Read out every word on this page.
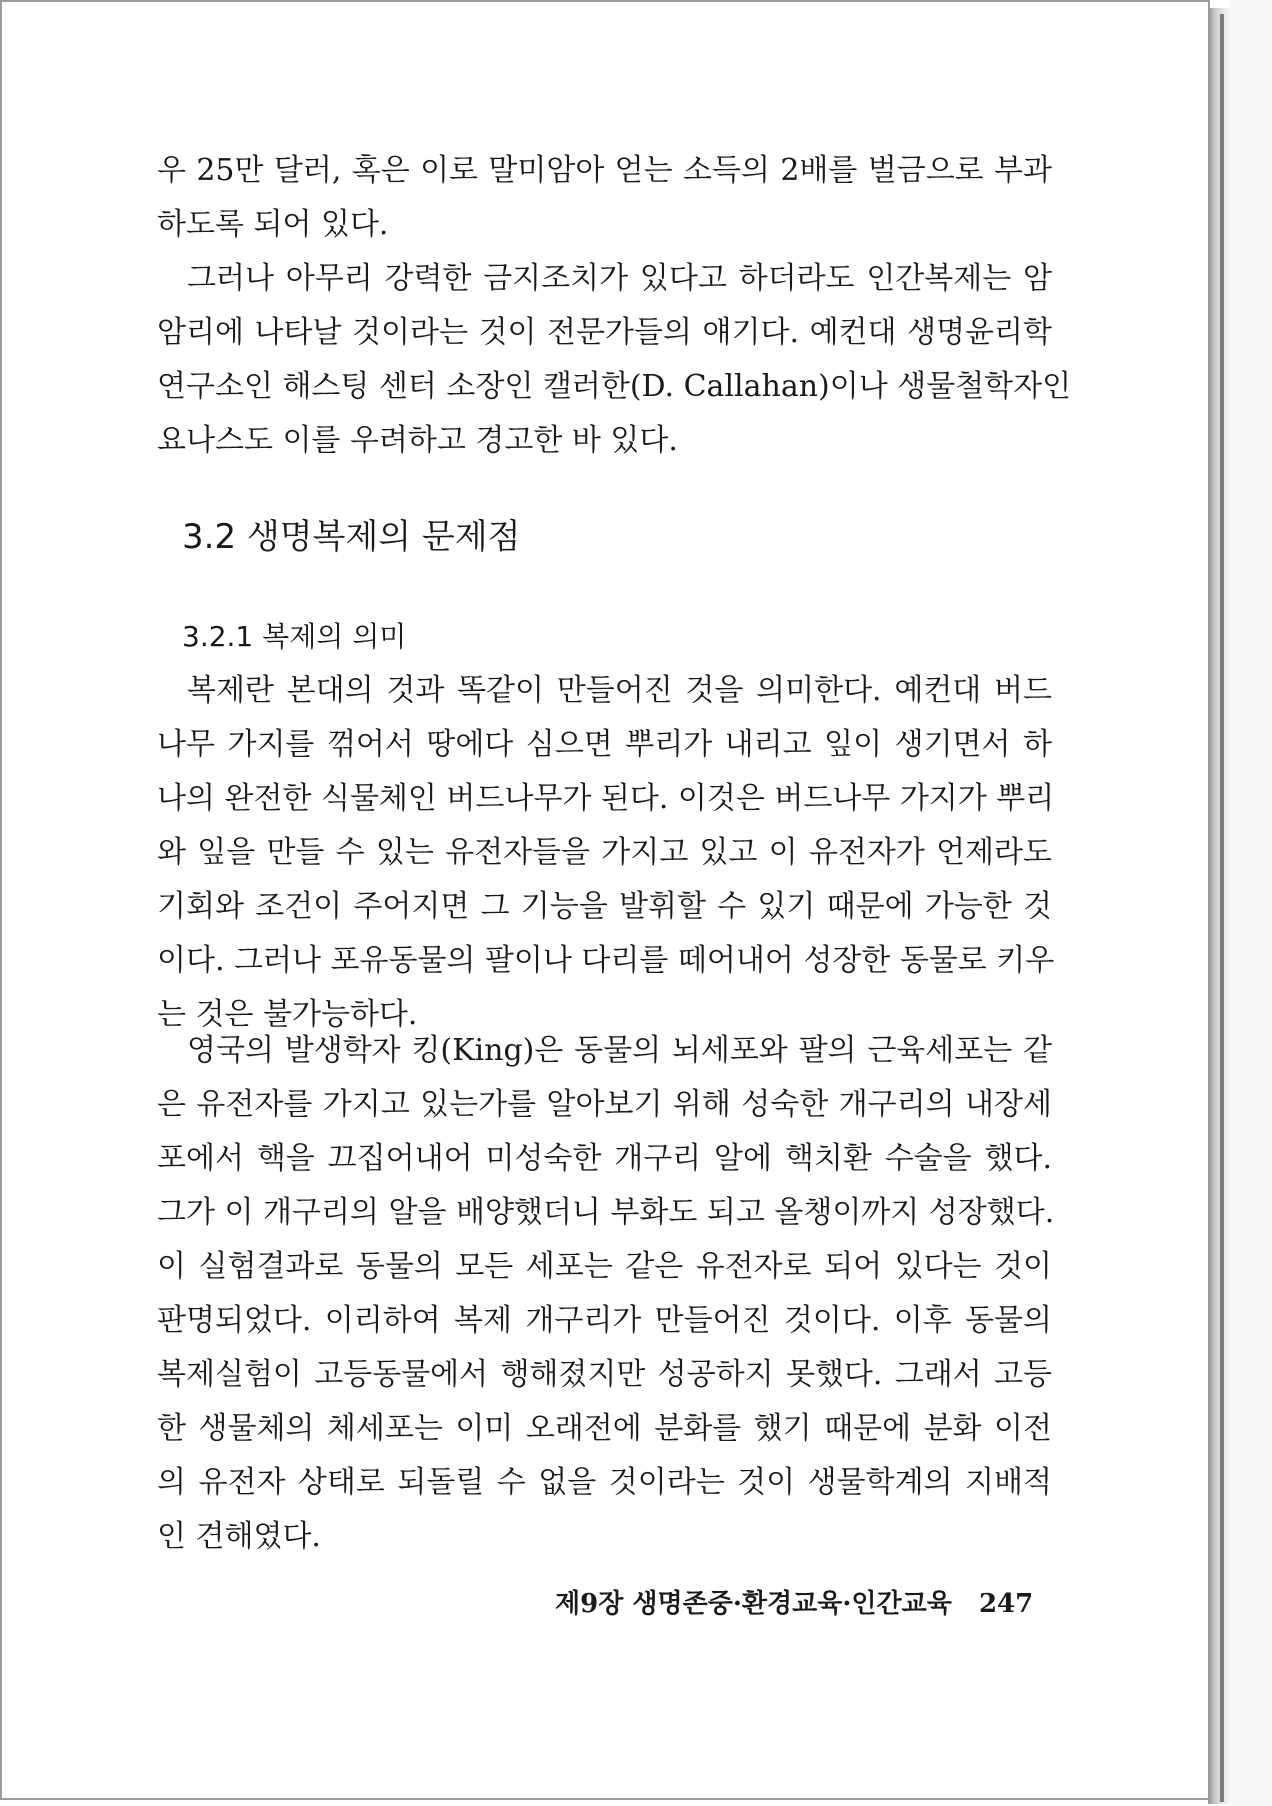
우 25만 달러, 혹은 이로 말미암아 얻는 소득의 2배를 벌금으로 부과
하도록 되어 있다.
그러나 아무리 강력한 금지조치가 있다고 하더라도 인간복제는 암
암리에 나타날 것이라는 것이 전문가들의 얘기다. 예컨대 생명윤리학
연구소인 해스팅 센터 소장인 캘러한(D. Callahan)이나 생물철학자인
요나스도 이를 우려하고 경고한 바 있다.
3.2 생명복제의 문제점
3.2.1 복제의 의미
복제란 본대의 것과 똑같이 만들어진 것을 의미한다. 예컨대 버드
나무 가지를 꺾어서 땅에다 심으면 뿌리가 내리고 잎이 생기면서 하
나의 완전한 식물체인 버드나무가 된다. 이것은 버드나무 가지가 뿌리
와 잎을 만들 수 있는 유전자들을 가지고 있고 이 유전자가 언제라도
기회와 조건이 주어지면 그 기능을 발휘할 수 있기 때문에 가능한 것
이다. 그러나 포유동물의 팔이나 다리를 떼어내어 성장한 동물로 키우
는 것은 불가능하다.
영국의 발생학자 킹(King)은 동물의 뇌세포와 팔의 근육세포는 같
은 유전자를 가지고 있는가를 알아보기 위해 성숙한 개구리의 내장세
포에서 핵을 끄집어내어 미성숙한 개구리 알에 핵치환 수술을 했다.
그가 이 개구리의 알을 배양했더니 부화도 되고 올챙이까지 성장했다.
이 실험결과로 동물의 모든 세포는 같은 유전자로 되어 있다는 것이
판명되었다. 이리하여 복제 개구리가 만들어진 것이다. 이후 동물의
복제실험이 고등동물에서 행해졌지만 성공하지 못했다. 그래서 고등
한 생물체의 체세포는 이미 오래전에 분화를 했기 때문에 분화 이전
의 유전자 상태로 되돌릴 수 없을 것이라는 것이 생물학계의 지배적
인 견해였다.
제9장 생명존중·환경교육·인간교육 247
